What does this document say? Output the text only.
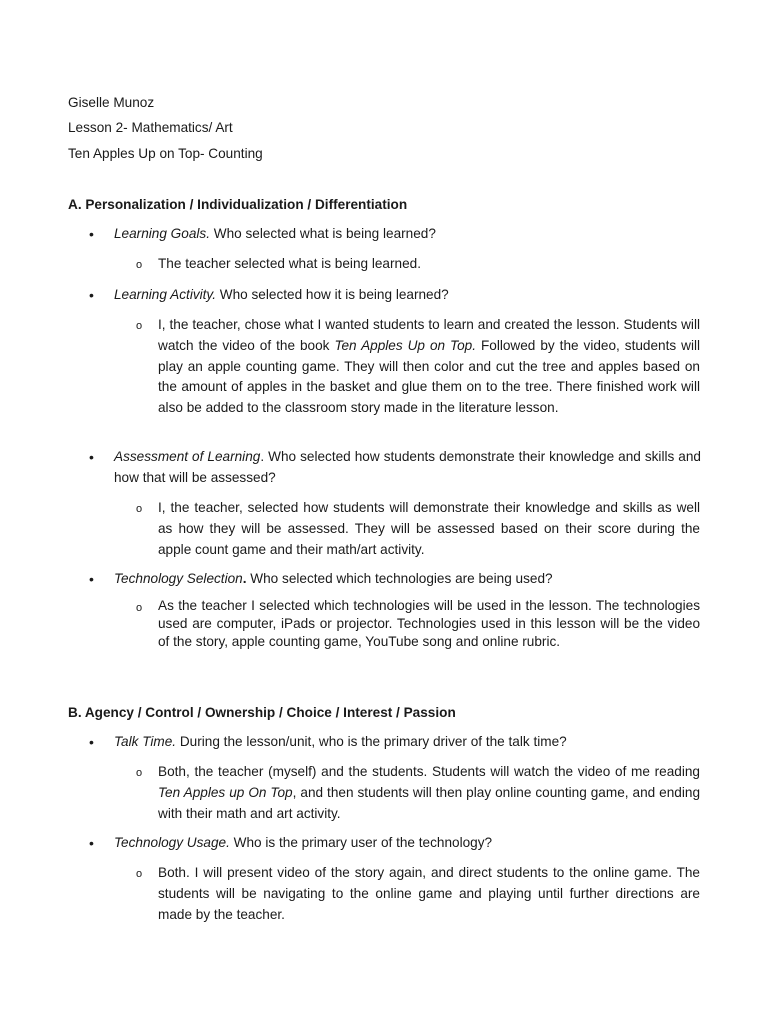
Giselle Munoz
Lesson 2- Mathematics/ Art
Ten Apples Up on Top- Counting
A. Personalization / Individualization / Differentiation
•
Learning Goals. Who selected what is being learned?
o The teacher selected what is being learned.
•
Learning Activity. Who selected how it is being learned?
o I, the teacher, chose what I wanted students to learn and created the lesson. Students will watch the video of the book Ten Apples Up on Top. Followed by the video, students will play an apple counting game. They will then color and cut the tree and apples based on the amount of apples in the basket and glue them on to the tree. There finished work will also be added to the classroom story made in the literature lesson.
•
Assessment of Learning. Who selected how students demonstrate their knowledge and skills and how that will be assessed?
o I, the teacher, selected how students will demonstrate their knowledge and skills as well as how they will be assessed. They will be assessed based on their score during the apple count game and their math/art activity.
•
Technology Selection. Who selected which technologies are being used?
o As the teacher I selected which technologies will be used in the lesson. The technologies used are computer, iPads or projector. Technologies used in this lesson will be the video of the story, apple counting game, YouTube song and online rubric.
B. Agency / Control / Ownership / Choice / Interest / Passion
•
Talk Time. During the lesson/unit, who is the primary driver of the talk time?
o Both, the teacher (myself) and the students. Students will watch the video of me reading Ten Apples up On Top, and then students will then play online counting game, and ending with their math and art activity.
•
Technology Usage. Who is the primary user of the technology?
o Both. I will present video of the story again, and direct students to the online game. The students will be navigating to the online game and playing until further directions are made by the teacher.
